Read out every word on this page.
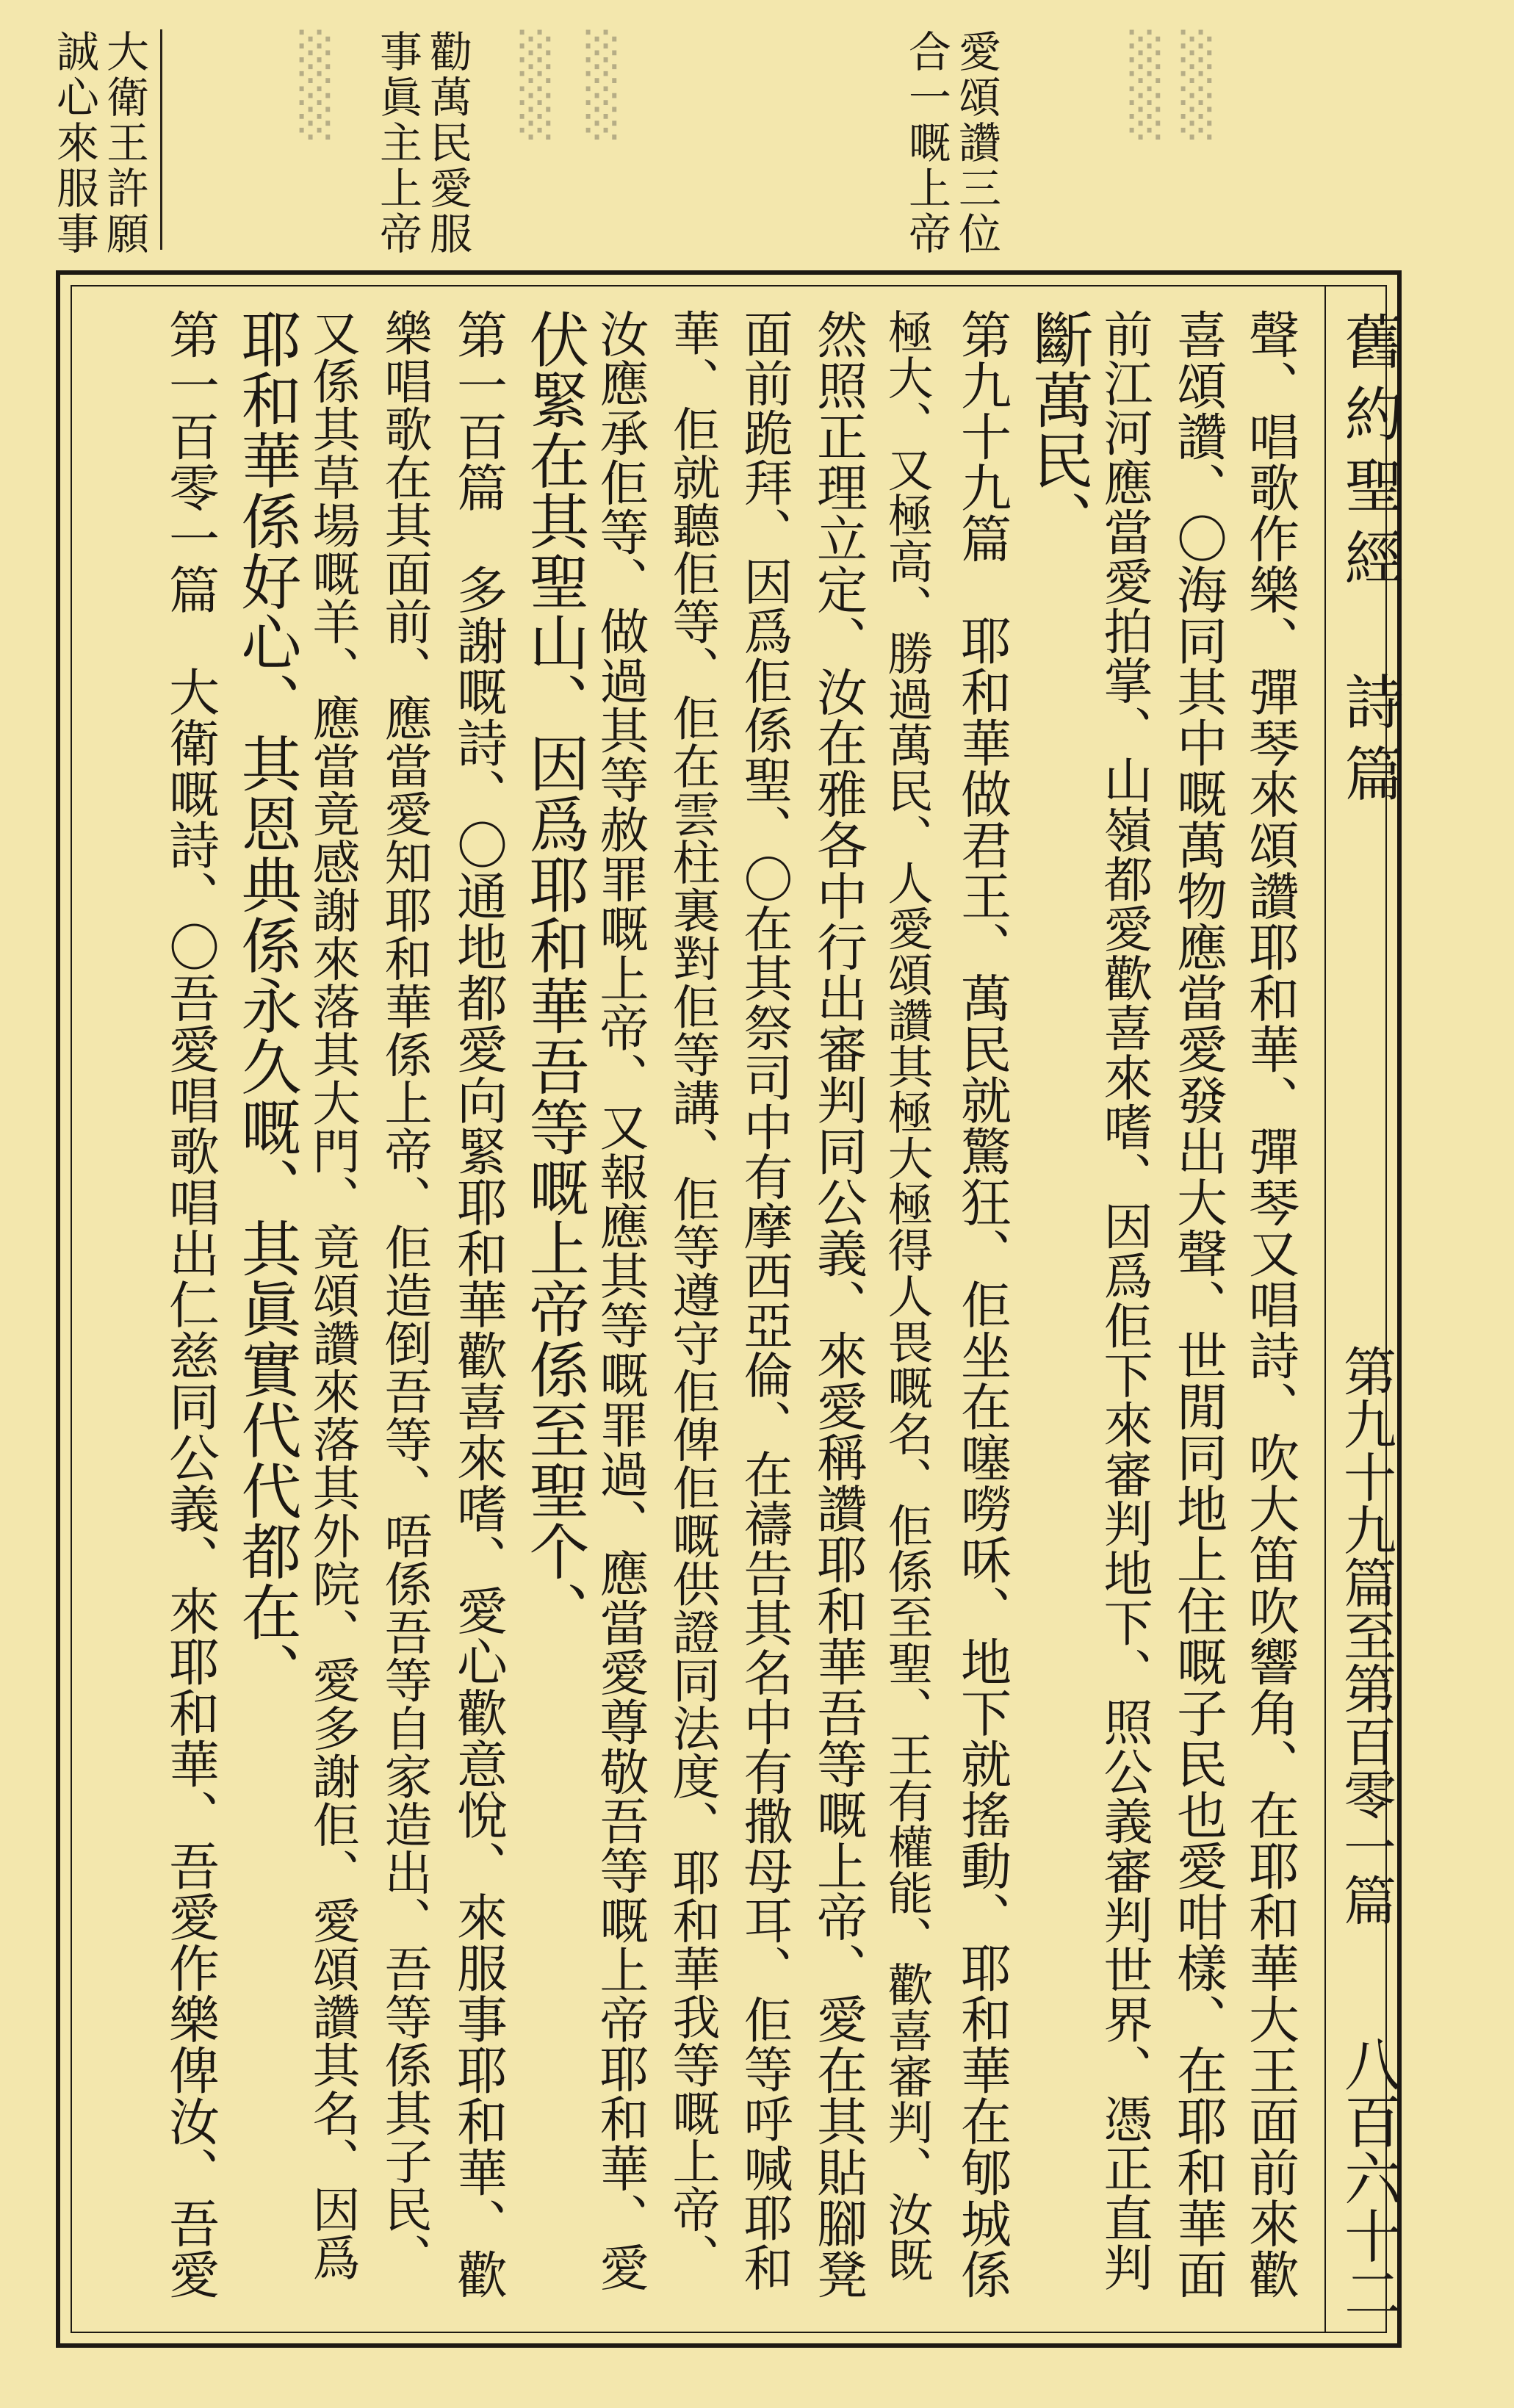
大衛王許願
誠心來服事	░░ 勸萬民愛服
事眞主上帝 ░░ ░░	愛頌讚三位
合一嘅上帝	░░
░░
舊約聖經　詩篇
第九十九篇至第百零一篇
八百六十二
聲、唱歌作樂、彈琴來頌讚耶和華、彈琴又唱詩、吹大笛吹響角、在耶和華大王面前來歡
喜頌讚、〇海同其中嘅萬物應當愛發出大聲、世閒同地上住嘅子民也愛咁樣、在耶和華面
前江河應當愛拍掌、山嶺都愛歡喜來嗜、因爲佢下來審判地下、照公義審判世界、憑正直判
斷萬民、
第九十九篇　耶和華做君王、萬民就驚狂、佢坐在噻嘮咊、地下就搖動、耶和華在郇城係
極大、又極高、勝過萬民、人愛頌讚其極大極得人畏嘅名、佢係至聖、王有權能、歡喜審判、汝既
然照正理立定、汝在雅各中行出審判同公義、來愛稱讚耶和華吾等嘅上帝、愛在其貼腳凳
面前跪拜、因爲佢係聖、〇在其祭司中有摩西亞倫、在禱告其名中有撒母耳、佢等呼喊耶和
華、佢就聽佢等、佢在雲柱裏對佢等講、佢等遵守佢俾佢嘅供證同法度、耶和華我等嘅上帝、
汝應承佢等、做過其等赦罪嘅上帝、又報應其等嘅罪過、應當愛尊敬吾等嘅上帝耶和華、愛
伏緊在其聖山、因爲耶和華吾等嘅上帝係至聖个、
第一百篇　多謝嘅詩、〇通地都愛向緊耶和華歡喜來嗜、愛心歡意悅、來服事耶和華、歡
樂唱歌在其面前、應當愛知耶和華係上帝、佢造倒吾等、唔係吾等自家造出、吾等係其子民、
又係其草場嘅羊、應當竟感謝來落其大門、竟頌讚來落其外院、愛多謝佢、愛頌讚其名、因爲
耶和華係好心、其恩典係永久嘅、其眞實代代都在、
第一百零一篇　大衛嘅詩、〇吾愛唱歌唱出仁慈同公義、來耶和華、吾愛作樂俾汝、吾愛
